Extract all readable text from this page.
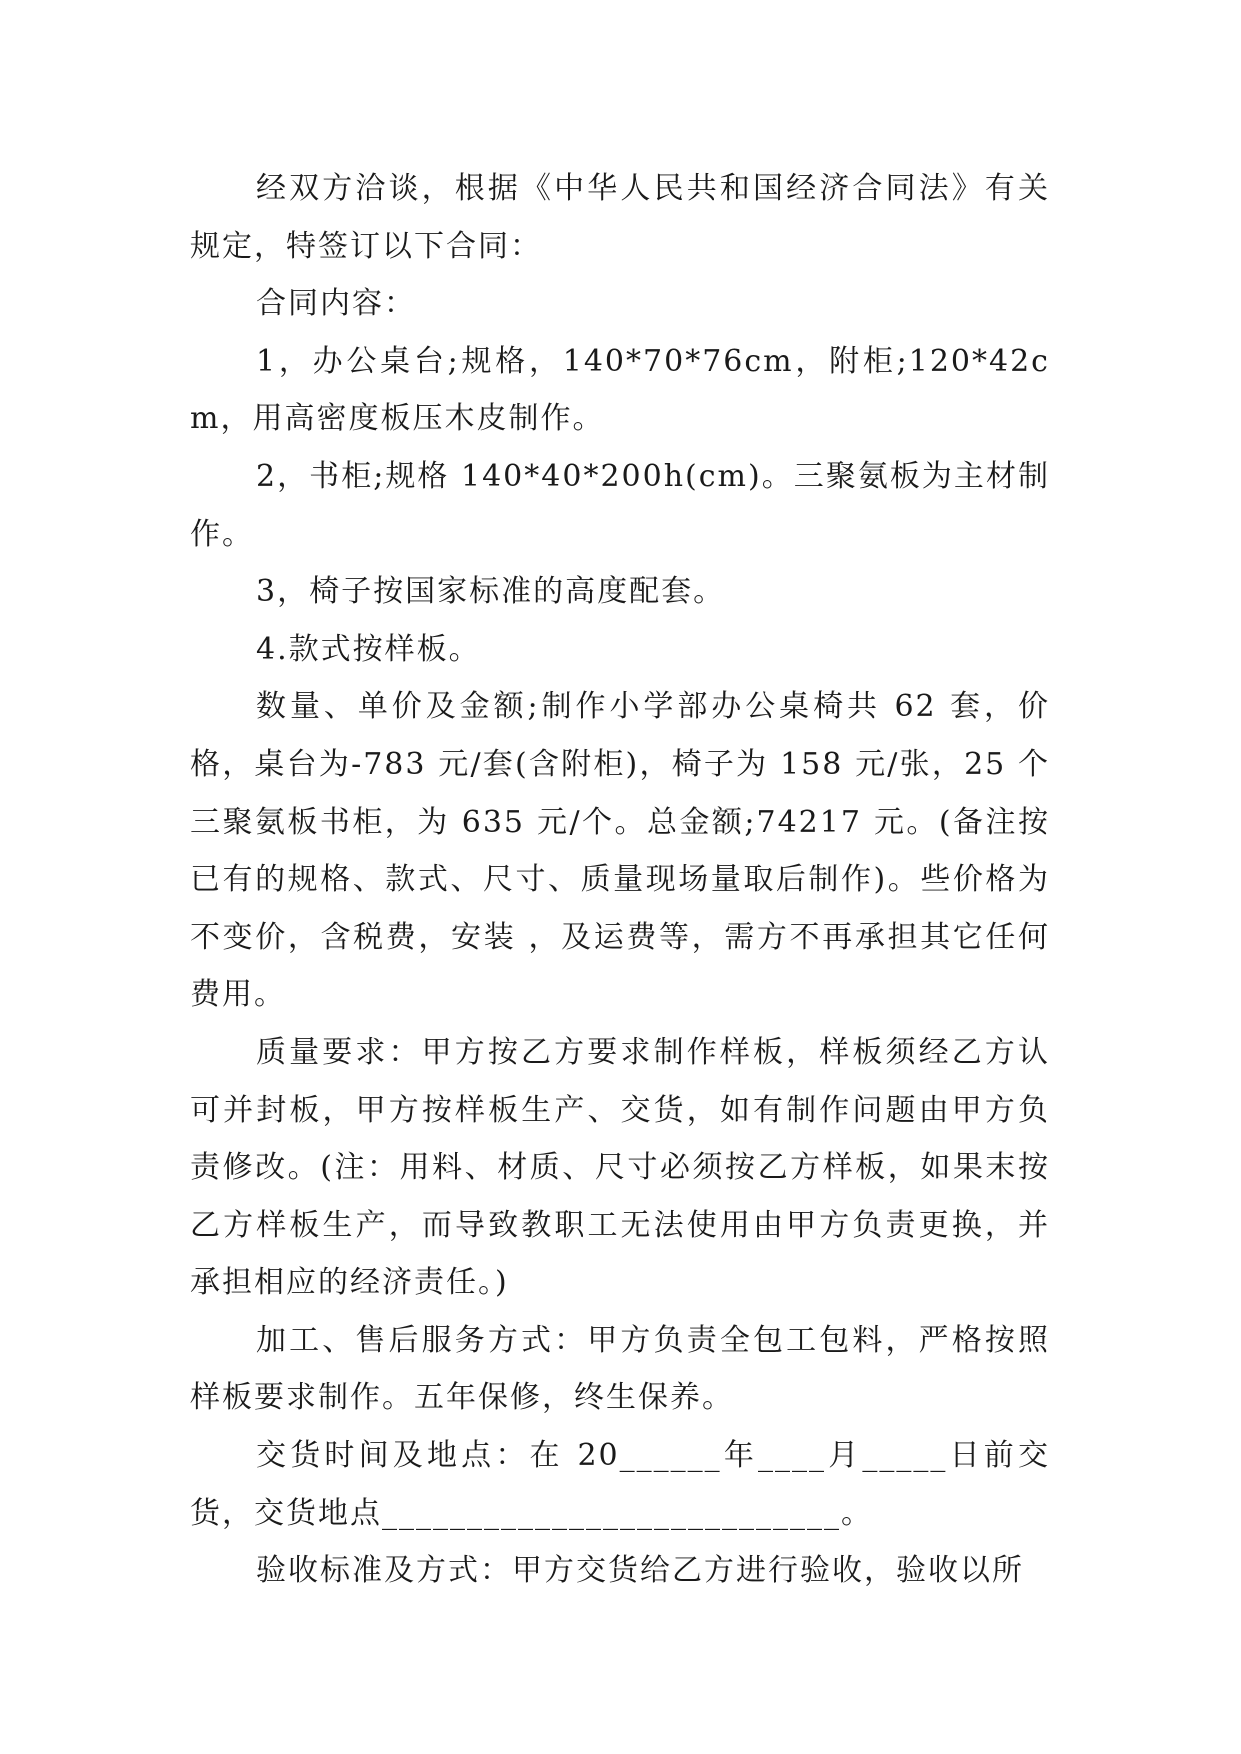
经双方洽谈，根据《中华人民共和国经济合同法》有关规定，特签订以下合同：

合同内容：

1，办公桌台;规格，140*70*76cm，附柜;120*42cm，用高密度板压木皮制作。

2，书柜;规格 140*40*200h(cm)。三聚氨板为主材制作。

3，椅子按国家标准的高度配套。

4.款式按样板。

数量、单价及金额;制作小学部办公桌椅共 62 套，价格，桌台为-783 元/套(含附柜)，椅子为 158 元/张，25 个三聚氨板书柜，为 635 元/个。总金额;74217 元。(备注按已有的规格、款式、尺寸、质量现场量取后制作)。些价格为不变价，含税费，安装 ，及运费等，需方不再承担其它任何费用。

质量要求：甲方按乙方要求制作样板，样板须经乙方认可并封板，甲方按样板生产、交货，如有制作问题由甲方负责修改。(注：用料、材质、尺寸必须按乙方样板，如果末按乙方样板生产，而导致教职工无法使用由甲方负责更换，并承担相应的经济责任。)

加工、售后服务方式：甲方负责全包工包料，严格按照样板要求制作。五年保修，终生保养。

交货时间及地点：在 20______年____月_____日前交货，交货地点___________________________。

验收标准及方式：甲方交货给乙方进行验收，验收以所
